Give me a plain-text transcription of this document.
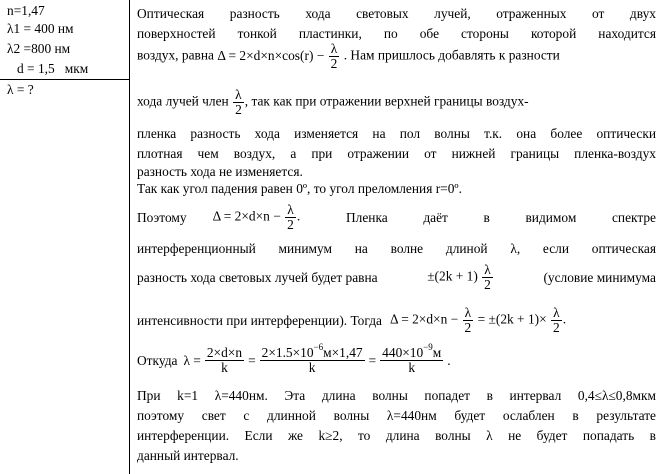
n=1,47
λ1 = 400 нм
λ2 =800 нм
d = 1,5   мкм
λ = ?
Оптическая разность хода световых лучей, отраженных от двух
поверхностей тонкой пластинки, по обе стороны которой находится
воздух, равна $\Delta = 2\times d\times n\times\cos(r) - \frac{\lambda}{2}$ . Нам пришлось добавлять к разности
хода лучей член $\frac{\lambda}{2}$ , так как при отражении верхней границы воздух-
пленка разность хода изменяется на пол волны т.к. она более оптически
плотная чем воздух, а при отражении от нижней границы пленка-воздух
разность хода не изменяется.
Так как угол падения равен 0º, то угол преломления r=0º.
Поэтому $\Delta = 2\times d\times n - \frac{\lambda}{2}$ .	Пленка даёт в видимом спектре
интерференционный минимум на волне длиной λ, если оптическая
разность хода световых лучей будет равна	$\pm(2k + 1) \frac{\lambda}{2}$	(условие минимума
интенсивности при интерференции). Тогда $\Delta = 2\times d\times n - \frac{\lambda}{2} = \pm(2k + 1)\times \frac{\lambda}{2}$ .
Откуда $\lambda = \frac{2\times d\times n}{k} = \frac{2\times 1.5\times 10^{-6}м\times 1,47}{k} = \frac{440\times 10^{-9}м}{k}$ .
При k=1 λ=440нм. Эта длина волны попадет в интервал 0,4≤λ≤0,8мкм
поэтому свет с длинной волны λ=440нм будет ослаблен в результате
интерференции. Если же k≥2, то длина волны λ не будет попадать в
данный интервал.
